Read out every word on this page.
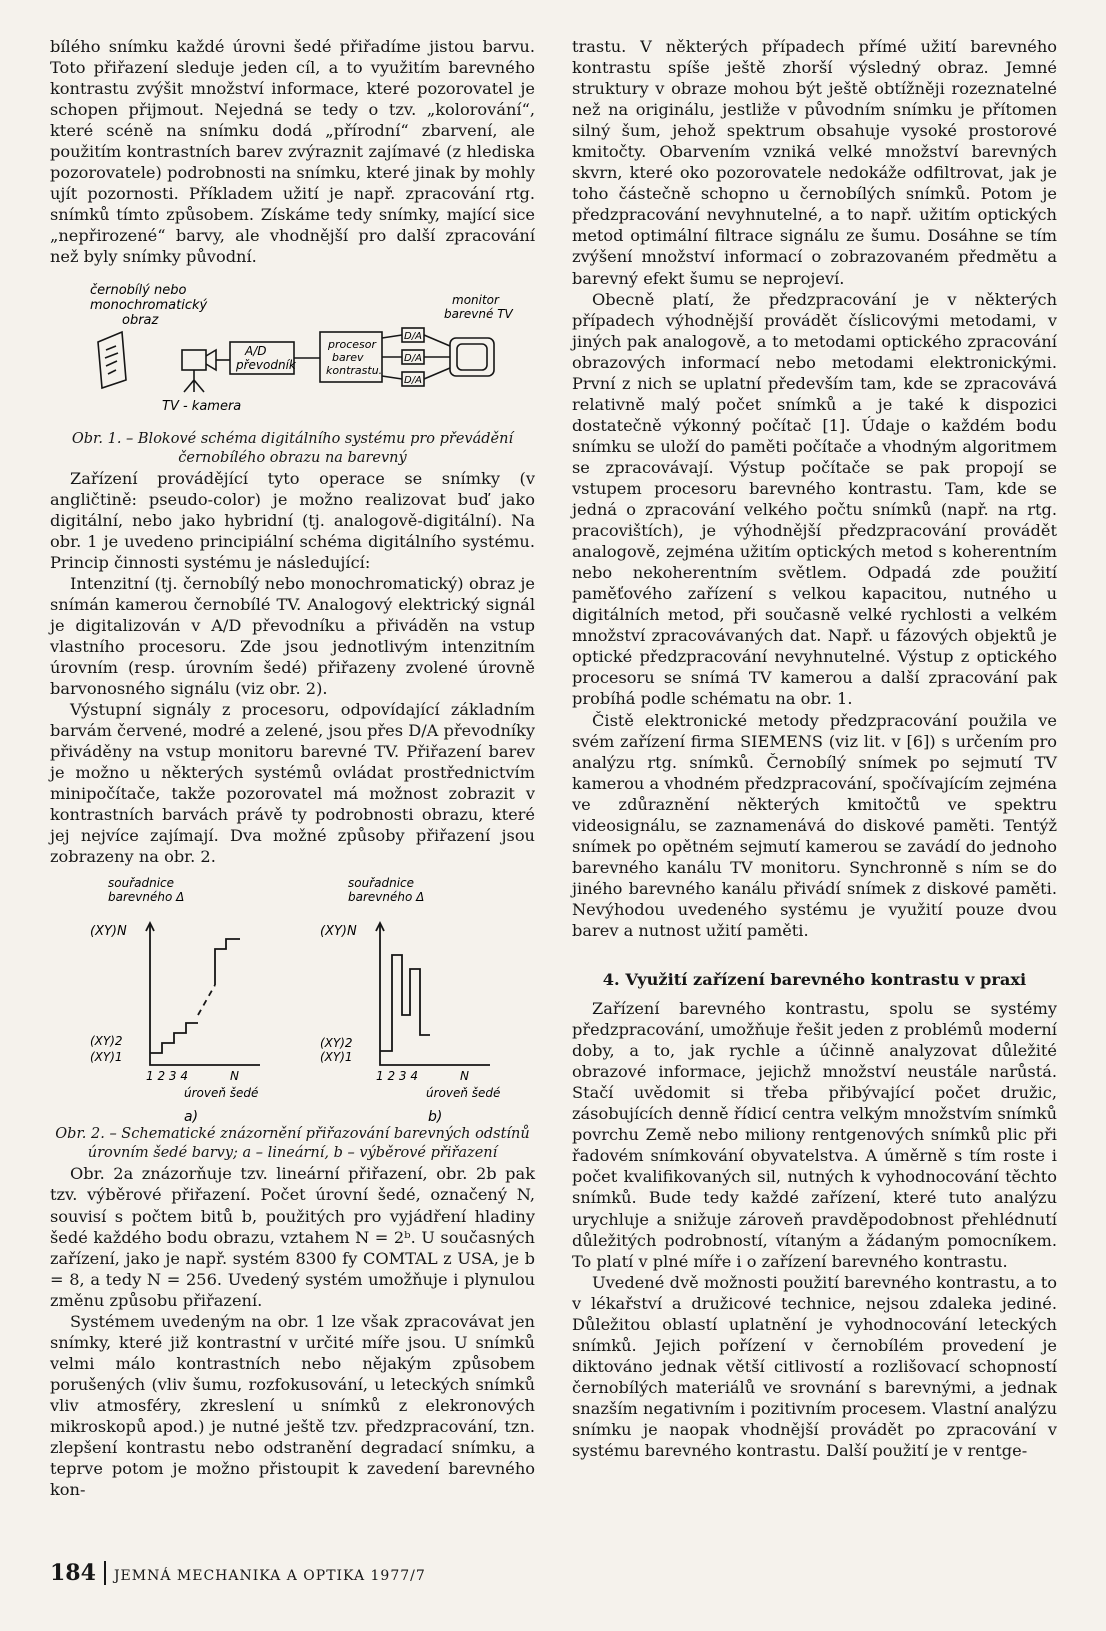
bílého snímku každé úrovni šedé přiřadíme jistou barvu. Toto přiřazení sleduje jeden cíl, a to využitím barevného kontrastu zvýšit množství informace, které pozorovatel je schopen přijmout. Nejedná se tedy o tzv. „kolorování“, které scéně na snímku dodá „přírodní“ zbarvení, ale použitím kontrastních barev zvýraznit zajímavé (z hlediska pozorovatele) podrobnosti na snímku, které jinak by mohly ujít pozornosti. Příkladem užití je např. zpracování rtg. snímků tímto způsobem. Získáme tedy snímky, mající sice „nepřirozené“ barvy, ale vhodnější pro další zpracování než byly snímky původní.

černobílý nebo
monochromatický
obraz
TV - kamera
A/D
převodník
procesor
barev
kontrastu.
D/A
D/A
D/A
monitor
barevné TV

Obr. 1. – Blokové schéma digitálního systému pro převádění černobílého obrazu na barevný

Zařízení provádějící tyto operace se snímky (v angličtině: pseudo-color) je možno realizovat buď jako digitální, nebo jako hybridní (tj. analogově-digitální). Na obr. 1 je uvedeno principiální schéma digitálního systému. Princip činnosti systému je následující:

Intenzitní (tj. černobílý nebo monochromatický) obraz je snímán kamerou černobílé TV. Analogový elektrický signál je digitalizován v A/D převodníku a přiváděn na vstup vlastního procesoru. Zde jsou jednotlivým intenzitním úrovním (resp. úrovním šedé) přiřazeny zvolené úrovně barvonosného signálu (viz obr. 2).

Výstupní signály z procesoru, odpovídající základním barvám červené, modré a zelené, jsou přes D/A převodníky přiváděny na vstup monitoru barevné TV. Přiřazení barev je možno u některých systémů ovládat prostřednictvím minipočítače, takže pozorovatel má možnost zobrazit v kontrastních barvách právě ty podrobnosti obrazu, které jej nejvíce zajímají. Dva možné způsoby přiřazení jsou zobrazeny na obr. 2.

souřadnice
barevného Δ
(XY)N
(XY)2
(XY)1
1 2 3 4	N
úroveň šedé
a)
souřadnice
barevného Δ
(XY)N
(XY)2
(XY)1
1 2 3 4	N
úroveň šedé
b)

Obr. 2. – Schematické znázornění přiřazování barevných odstínů úrovním šedé barvy; a – lineární, b – výběrové přiřazení

Obr. 2a znázorňuje tzv. lineární přiřazení, obr. 2b pak tzv. výběrové přiřazení. Počet úrovní šedé, označený N, souvisí s počtem bitů b, použitých pro vyjádření hladiny šedé každého bodu obrazu, vztahem N = 2ᵇ. U současných zařízení, jako je např. systém 8300 fy COMTAL z USA, je b = 8, a tedy N = 256. Uvedený systém umožňuje i plynulou změnu způsobu přiřazení.

Systémem uvedeným na obr. 1 lze však zpracovávat jen snímky, které již kontrastní v určité míře jsou. U snímků velmi málo kontrastních nebo nějakým způsobem porušených (vliv šumu, rozfokusování, u leteckých snímků vliv atmosféry, zkreslení u snímků z elekronových mikroskopů apod.) je nutné ještě tzv. předzpracování, tzn. zlepšení kontrastu nebo odstranění degradací snímku, a teprve potom je možno přistoupit k zavedení barevného kon-

trastu. V některých případech přímé užití barevného kontrastu spíše ještě zhorší výsledný obraz. Jemné struktury v obraze mohou být ještě obtížněji rozeznatelné než na originálu, jestliže v původním snímku je přítomen silný šum, jehož spektrum obsahuje vysoké prostorové kmitočty. Obarvením vzniká velké množství barevných skvrn, které oko pozorovatele nedokáže odfiltrovat, jak je toho částečně schopno u černobílých snímků. Potom je předzpracování nevyhnutelné, a to např. užitím optických metod optimální filtrace signálu ze šumu. Dosáhne se tím zvýšení množství informací o zobrazovaném předmětu a barevný efekt šumu se neprojeví.

Obecně platí, že předzpracování je v některých případech výhodnější provádět číslicovými metodami, v jiných pak analogově, a to metodami optického zpracování obrazových informací nebo metodami elektronickými. První z nich se uplatní především tam, kde se zpracovává relativně malý počet snímků a je také k dispozici dostatečně výkonný počítač [1]. Údaje o každém bodu snímku se uloží do paměti počítače a vhodným algoritmem se zpracovávají. Výstup počítače se pak propojí se vstupem procesoru barevného kontrastu. Tam, kde se jedná o zpracování velkého počtu snímků (např. na rtg. pracovištích), je výhodnější předzpracování provádět analogově, zejména užitím optických metod s koherentním nebo nekoherentním světlem. Odpadá zde použití paměťového zařízení s velkou kapacitou, nutného u digitálních metod, při současně velké rychlosti a velkém množství zpracovávaných dat. Např. u fázových objektů je optické předzpracování nevyhnutelné. Výstup z optického procesoru se snímá TV kamerou a další zpracování pak probíhá podle schématu na obr. 1.

Čistě elektronické metody předzpracování použila ve svém zařízení firma SIEMENS (viz lit. v [6]) s určením pro analýzu rtg. snímků. Černobílý snímek po sejmutí TV kamerou a vhodném předzpracování, spočívajícím zejména ve zdůraznění některých kmitočtů ve spektru videosignálu, se zaznamenává do diskové paměti. Tentýž snímek po opětném sejmutí kamerou se zavádí do jednoho barevného kanálu TV monitoru. Synchronně s ním se do jiného barevného kanálu přivádí snímek z diskové paměti. Nevýhodou uvedeného systému je využití pouze dvou barev a nutnost užití paměti.

4. Využití zařízení barevného kontrastu v praxi

Zařízení barevného kontrastu, spolu se systémy předzpracování, umožňuje řešit jeden z problémů moderní doby, a to, jak rychle a účinně analyzovat důležité obrazové informace, jejichž množství neustále narůstá. Stačí uvědomit si třeba přibývající počet družic, zásobujících denně řídicí centra velkým množstvím snímků povrchu Země nebo miliony rentgenových snímků plic při řadovém snímkování obyvatelstva. A úměrně s tím roste i počet kvalifikovaných sil, nutných k vyhodnocování těchto snímků. Bude tedy každé zařízení, které tuto analýzu urychluje a snižuje zároveň pravděpodobnost přehlédnutí důležitých podrobností, vítaným a žádaným pomocníkem. To platí v plné míře i o zařízení barevného kontrastu.

Uvedené dvě možnosti použití barevného kontrastu, a to v lékařství a družicové technice, nejsou zdaleka jediné. Důležitou oblastí uplatnění je vyhodnocování leteckých snímků. Jejich pořízení v černobílém provedení je diktováno jednak větší citlivostí a rozlišovací schopností černobílých materiálů ve srovnání s barevnými, a jednak snazším negativním i pozitivním procesem. Vlastní analýzu snímku je naopak vhodnější provádět po zpracování v systému barevného kontrastu. Další použití je v rentge-

184 JEMNÁ MECHANIKA A OPTIKA 1977/7
